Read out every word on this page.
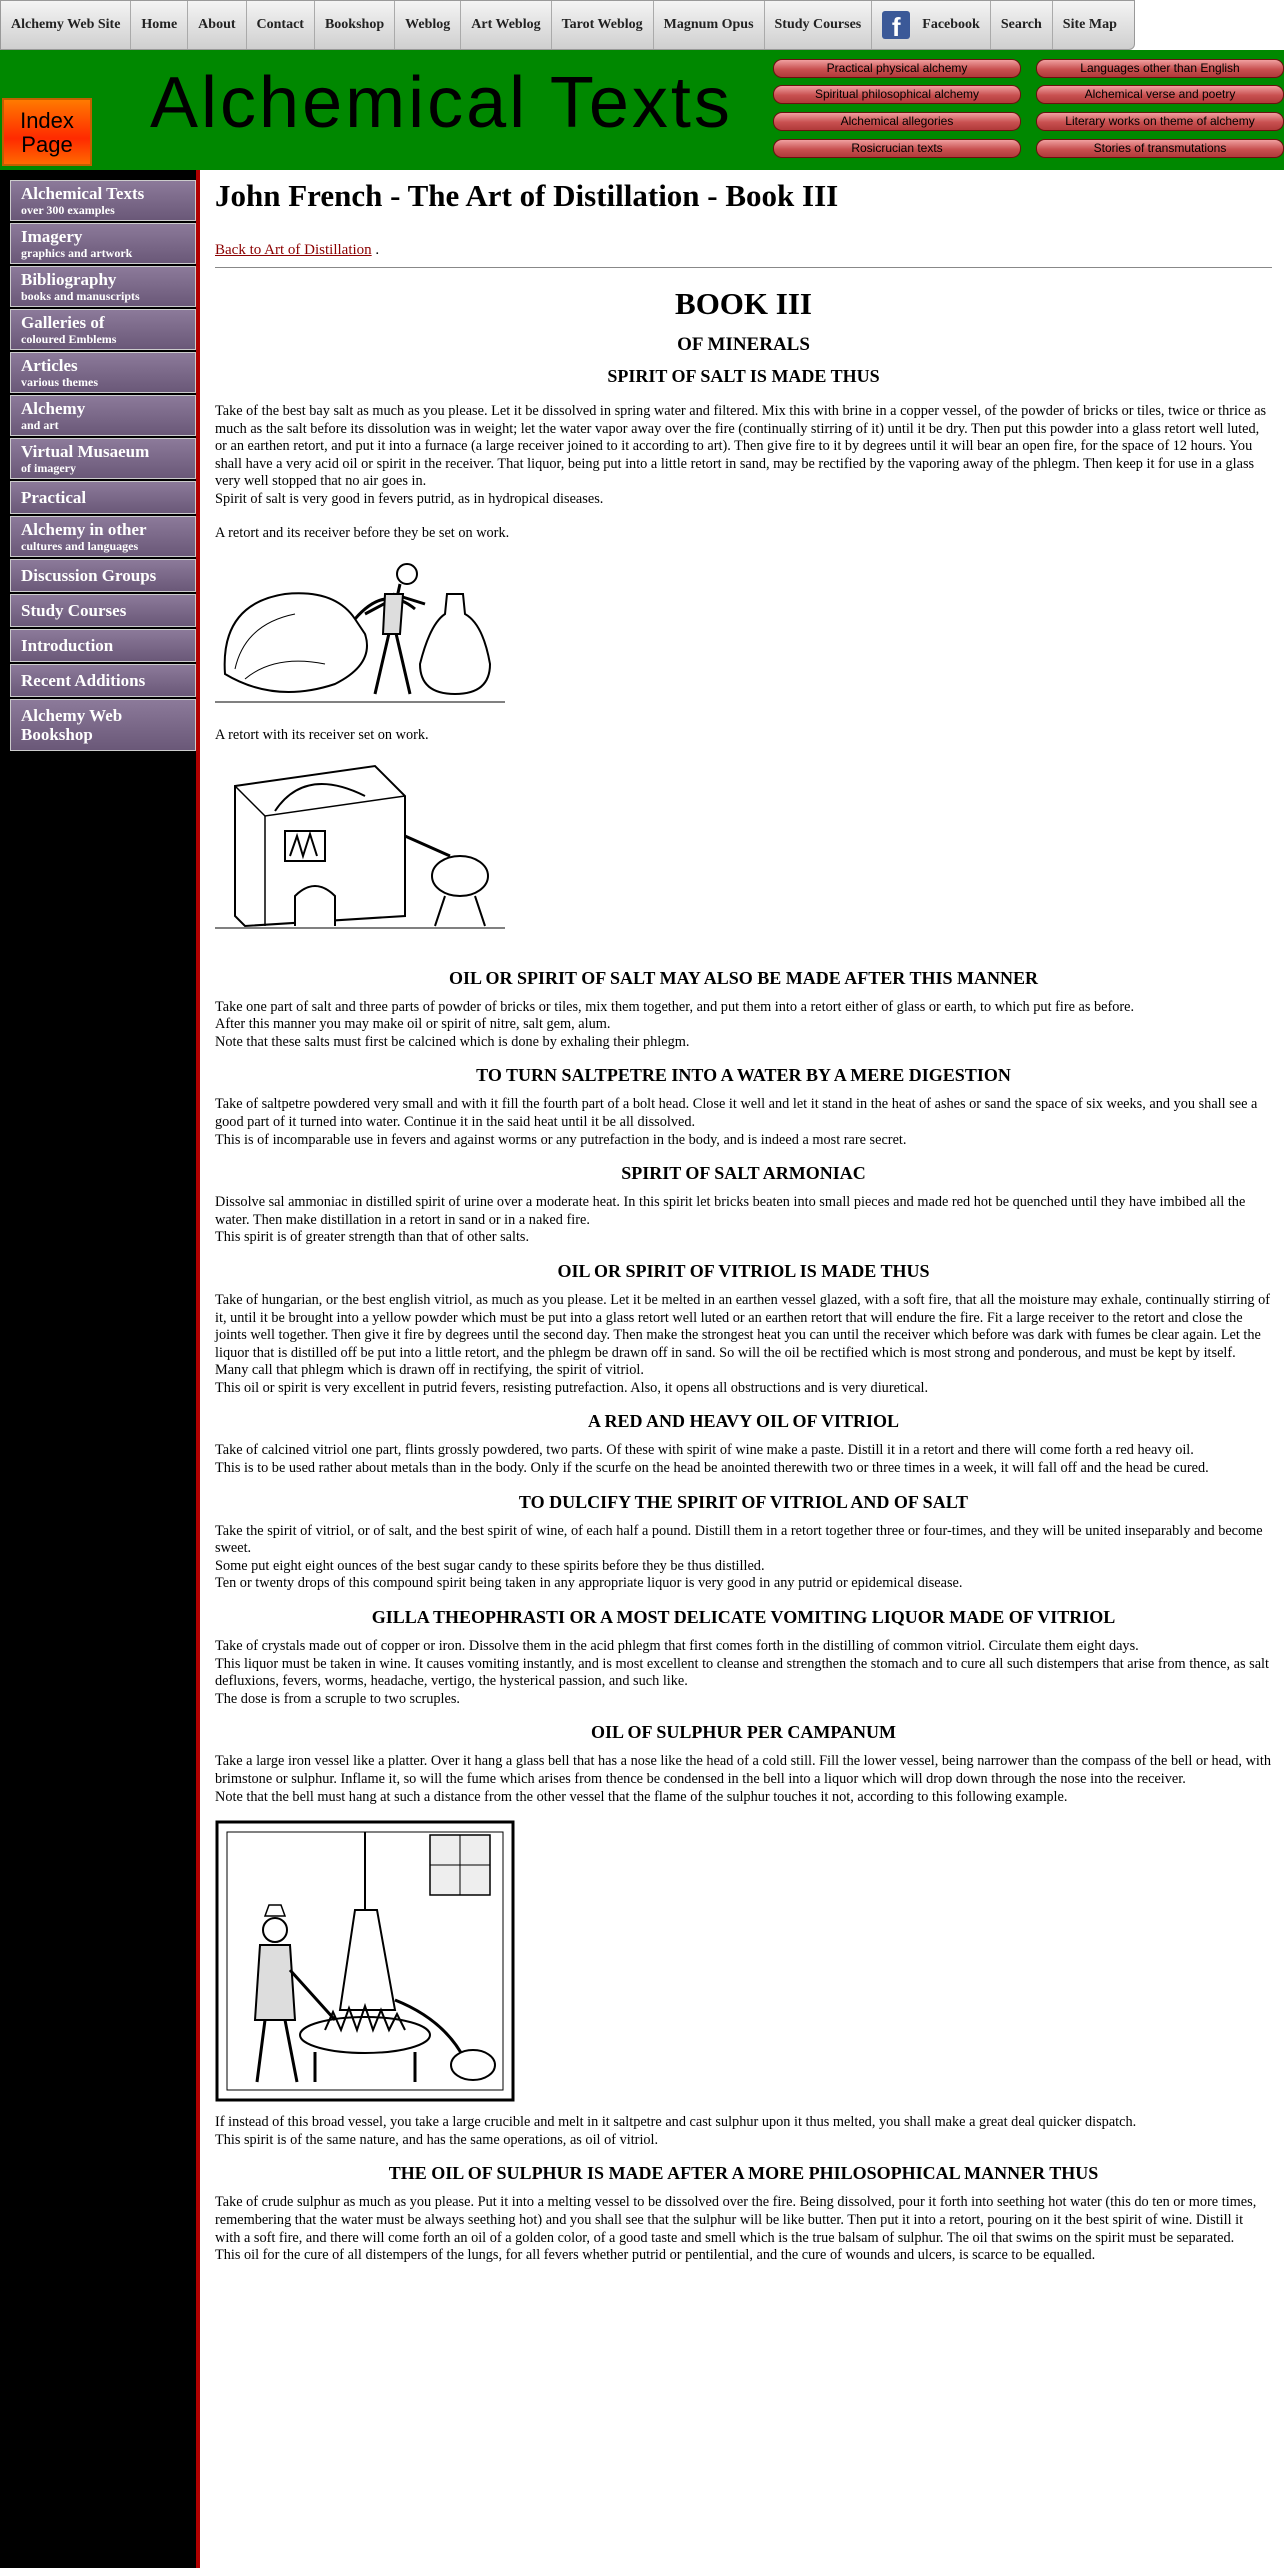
Alchemy Web Site	Home	About	Contact	Bookshop	Weblog	Art Weblog	Tarot Weblog	Magnum Opus	Study Courses	f	Facebook	Search	Site Map
Index
Page
Alchemical Texts	Practical physical alchemy
Spiritual philosophical alchemy
Alchemical allegories
Rosicrucian texts
Languages other than English
Alchemical verse and poetry
Literary works on theme of alchemy
Stories of transmutations
Alchemical Texts
over 300 examples
Imagery
graphics and artwork
Bibliography
books and manuscripts
Galleries of
coloured Emblems
Articles
various themes
Alchemy
and art
Virtual Musaeum
of imagery
Practical
Alchemy in other
cultures and languages
Discussion Groups
Study Courses
Introduction
Recent Additions
Alchemy Web Bookshop
John French - The Art of Distillation - Book III
Back to Art of Distillation .
BOOK III
OF MINERALS
SPIRIT OF SALT IS MADE THUS

Take of the best bay salt as much as you please. Let it be dissolved in spring water and filtered. Mix this with brine in a copper vessel, of the powder of bricks or tiles, twice or thrice as much as the salt before its dissolution was in weight; let the water vapor away over the fire (continually stirring of it) until it be dry. Then put this powder into a glass retort well luted, or an earthen retort, and put it into a furnace (a large receiver joined to it according to art). Then give fire to it by degrees until it will bear an open fire, for the space of 12 hours. You shall have a very acid oil or spirit in the receiver. That liquor, being put into a little retort in sand, may be rectified by the vaporing away of the phlegm. Then keep it for use in a glass very well stopped that no air goes in.

Spirit of salt is very good in fevers putrid, as in hydropical diseases.

A retort and its receiver before they be set on work.

A retort with its receiver set on work.

OIL OR SPIRIT OF SALT MAY ALSO BE MADE AFTER THIS MANNER

Take one part of salt and three parts of powder of bricks or tiles, mix them together, and put them into a retort either of glass or earth, to which put fire as before.

After this manner you may make oil or spirit of nitre, salt gem, alum.

Note that these salts must first be calcined which is done by exhaling their phlegm.

TO TURN SALTPETRE INTO A WATER BY A MERE DIGESTION

Take of saltpetre powdered very small and with it fill the fourth part of a bolt head. Close it well and let it stand in the heat of ashes or sand the space of six weeks, and you shall see a good part of it turned into water. Continue it in the said heat until it be all dissolved.

This is of incomparable use in fevers and against worms or any putrefaction in the body, and is indeed a most rare secret.

SPIRIT OF SALT ARMONIAC

Dissolve sal ammoniac in distilled spirit of urine over a moderate heat. In this spirit let bricks beaten into small pieces and made red hot be quenched until they have imbibed all the water. Then make distillation in a retort in sand or in a naked fire.

This spirit is of greater strength than that of other salts.

OIL OR SPIRIT OF VITRIOL IS MADE THUS

Take of hungarian, or the best english vitriol, as much as you please. Let it be melted in an earthen vessel glazed, with a soft fire, that all the moisture may exhale, continually stirring of it, until it be brought into a yellow powder which must be put into a glass retort well luted or an earthen retort that will endure the fire. Fit a large receiver to the retort and close the joints well together. Then give it fire by degrees until the second day. Then make the strongest heat you can until the receiver which before was dark with fumes be clear again. Let the liquor that is distilled off be put into a little retort, and the phlegm be drawn off in sand. So will the oil be rectified which is most strong and ponderous, and must be kept by itself.

Many call that phlegm which is drawn off in rectifying, the spirit of vitriol.

This oil or spirit is very excellent in putrid fevers, resisting putrefaction. Also, it opens all obstructions and is very diuretical.

A RED AND HEAVY OIL OF VITRIOL

Take of calcined vitriol one part, flints grossly powdered, two parts. Of these with spirit of wine make a paste. Distill it in a retort and there will come forth a red heavy oil.

This is to be used rather about metals than in the body. Only if the scurfe on the head be anointed therewith two or three times in a week, it will fall off and the head be cured.

TO DULCIFY THE SPIRIT OF VITRIOL AND OF SALT

Take the spirit of vitriol, or of salt, and the best spirit of wine, of each half a pound. Distill them in a retort together three or four-times, and they will be united inseparably and become sweet.

Some put eight eight ounces of the best sugar candy to these spirits before they be thus distilled.

Ten or twenty drops of this compound spirit being taken in any appropriate liquor is very good in any putrid or epidemical disease.

GILLA THEOPHRASTI OR A MOST DELICATE VOMITING LIQUOR MADE OF VITRIOL

Take of crystals made out of copper or iron. Dissolve them in the acid phlegm that first comes forth in the distilling of common vitriol. Circulate them eight days.

This liquor must be taken in wine. It causes vomiting instantly, and is most excellent to cleanse and strengthen the stomach and to cure all such distempers that arise from thence, as salt defluxions, fevers, worms, headache, vertigo, the hysterical passion, and such like.

The dose is from a scruple to two scruples.

OIL OF SULPHUR PER CAMPANUM

Take a large iron vessel like a platter. Over it hang a glass bell that has a nose like the head of a cold still. Fill the lower vessel, being narrower than the compass of the bell or head, with brimstone or sulphur. Inflame it, so will the fume which arises from thence be condensed in the bell into a liquor which will drop down through the nose into the receiver.

Note that the bell must hang at such a distance from the other vessel that the flame of the sulphur touches it not, according to this following example.

If instead of this broad vessel, you take a large crucible and melt in it saltpetre and cast sulphur upon it thus melted, you shall make a great deal quicker dispatch.

This spirit is of the same nature, and has the same operations, as oil of vitriol.

THE OIL OF SULPHUR IS MADE AFTER A MORE PHILOSOPHICAL MANNER THUS

Take of crude sulphur as much as you please. Put it into a melting vessel to be dissolved over the fire. Being dissolved, pour it forth into seething hot water (this do ten or more times, remembering that the water must be always seething hot) and you shall see that the sulphur will be like butter. Then put it into a retort, pouring on it the best spirit of wine. Distill it with a soft fire, and there will come forth an oil of a golden color, of a good taste and smell which is the true balsam of sulphur. The oil that swims on the spirit must be separated.

This oil for the cure of all distempers of the lungs, for all fevers whether putrid or pentilential, and the cure of wounds and ulcers, is scarce to be equalled.
